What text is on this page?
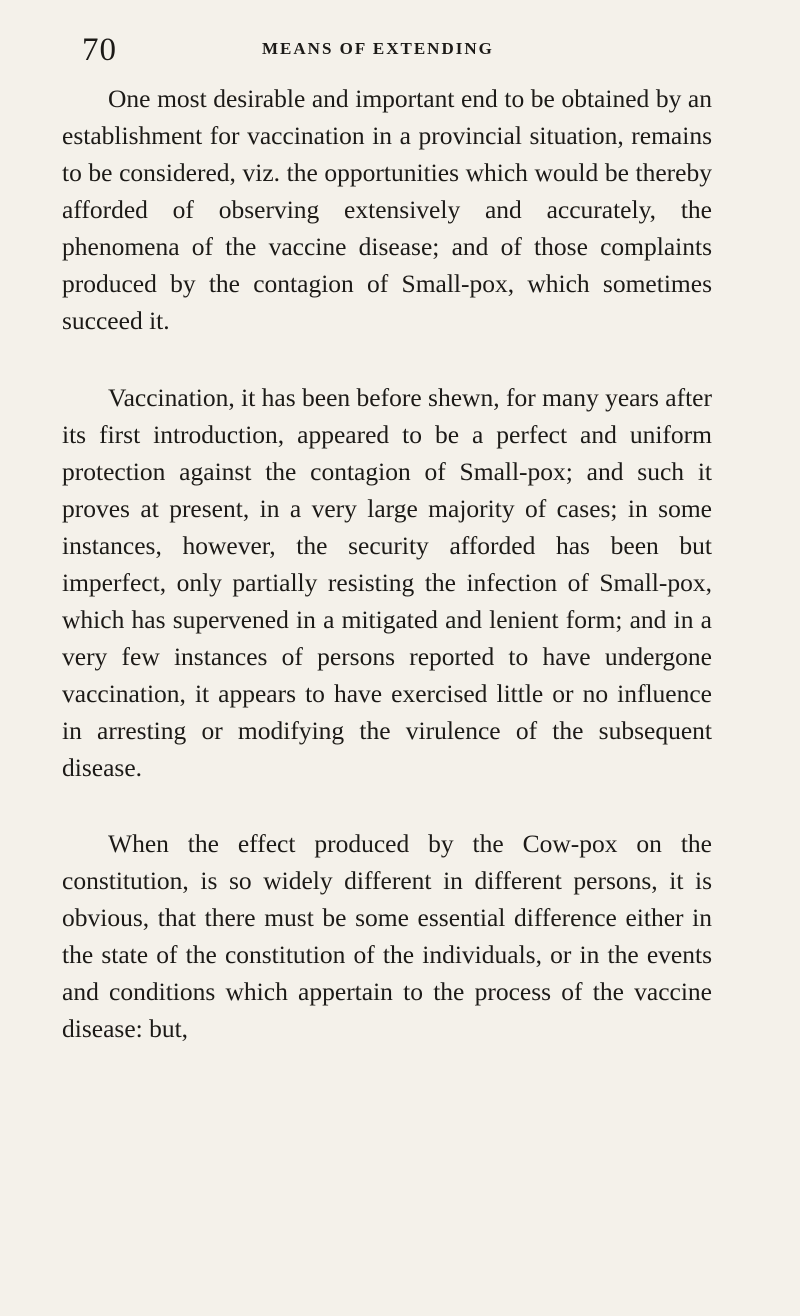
70	MEANS OF EXTENDING

One most desirable and important end to be obtained by an establishment for vaccination in a provincial situation, remains to be considered, viz. the opportunities which would be thereby afforded of observing extensively and accurately, the phenomena of the vaccine disease; and of those complaints produced by the contagion of Small-pox, which sometimes succeed it.

Vaccination, it has been before shewn, for many years after its first introduction, appeared to be a perfect and uniform protection against the contagion of Small-pox; and such it proves at present, in a very large majority of cases; in some instances, however, the security afforded has been but imperfect, only partially resisting the infection of Small-pox, which has supervened in a mitigated and lenient form; and in a very few instances of persons reported to have undergone vaccination, it appears to have exercised little or no influence in arresting or modifying the virulence of the subsequent disease.

When the effect produced by the Cow-pox on the constitution, is so widely different in different persons, it is obvious, that there must be some essential difference either in the state of the constitution of the individuals, or in the events and conditions which appertain to the process of the vaccine disease: but,
